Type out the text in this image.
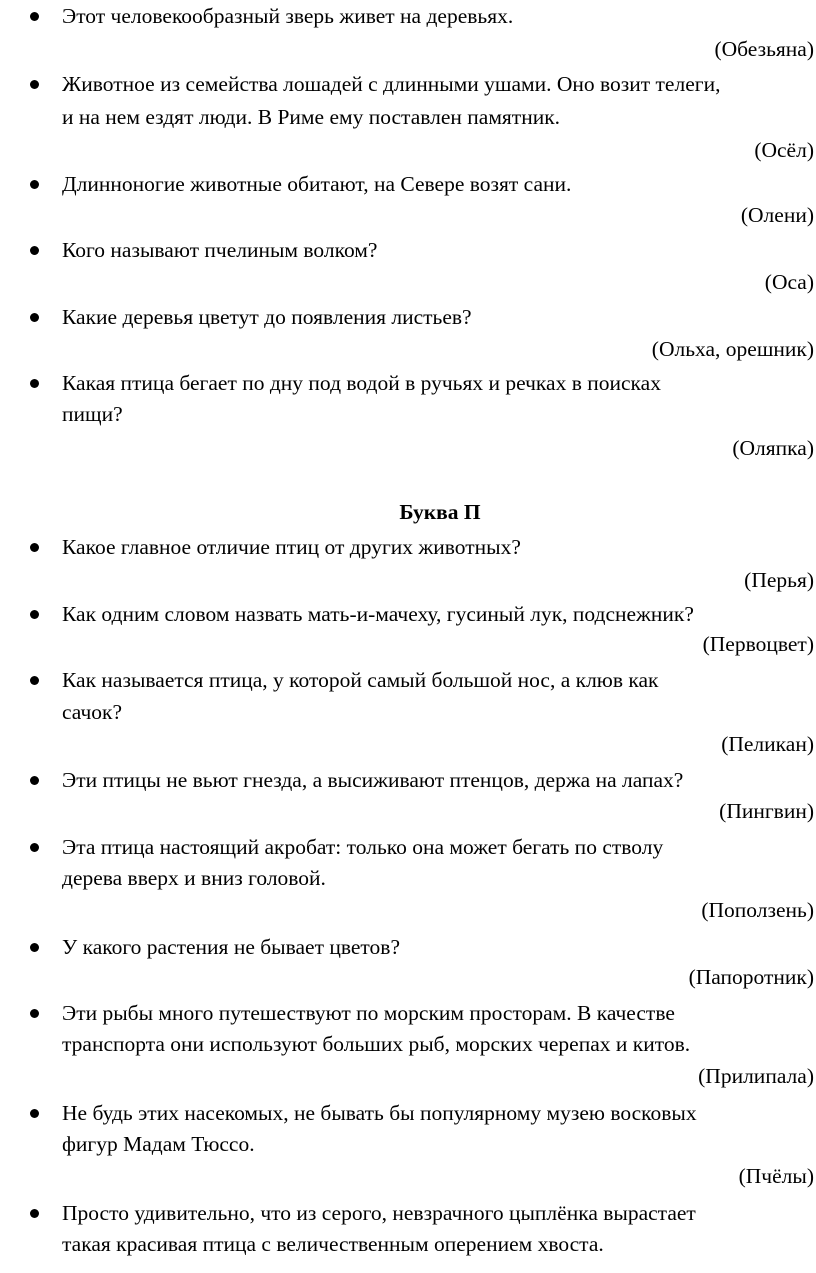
Этот человекообразный зверь живет на деревьях.
(Обезьяна)
Животное из семейства лошадей с длинными ушами. Оно возит телеги,
и на нем ездят люди. В Риме ему поставлен памятник.
(Осёл)
Длинноногие животные обитают, на Севере возят сани.
(Олени)
Кого называют пчелиным волком?
(Оса)
Какие деревья цветут до появления листьев?
(Ольха, орешник)
Какая птица бегает по дну под водой в ручьях и речках в поисках
пищи?
(Оляпка)
Буква П
Какое главное отличие птиц от других животных?
(Перья)
Как одним словом назвать мать-и-мачеху, гусиный лук, подснежник?
(Первоцвет)
Как называется птица, у которой самый большой нос, а клюв как
сачок?
(Пеликан)
Эти птицы не вьют гнезда, а высиживают птенцов, держа на лапах?
(Пингвин)
Эта птица настоящий акробат: только она может бегать по стволу
дерева вверх и вниз головой.
(Поползень)
У какого растения не бывает цветов?
(Папоротник)
Эти рыбы много путешествуют по морским просторам. В качестве
транспорта они используют больших рыб, морских черепах и китов.
(Прилипала)
Не будь этих насекомых, не бывать бы популярному музею восковых
фигур Мадам Тюссо.
(Пчёлы)
Просто удивительно, что из серого, невзрачного цыплёнка вырастает
такая красивая птица с величественным оперением хвоста.
